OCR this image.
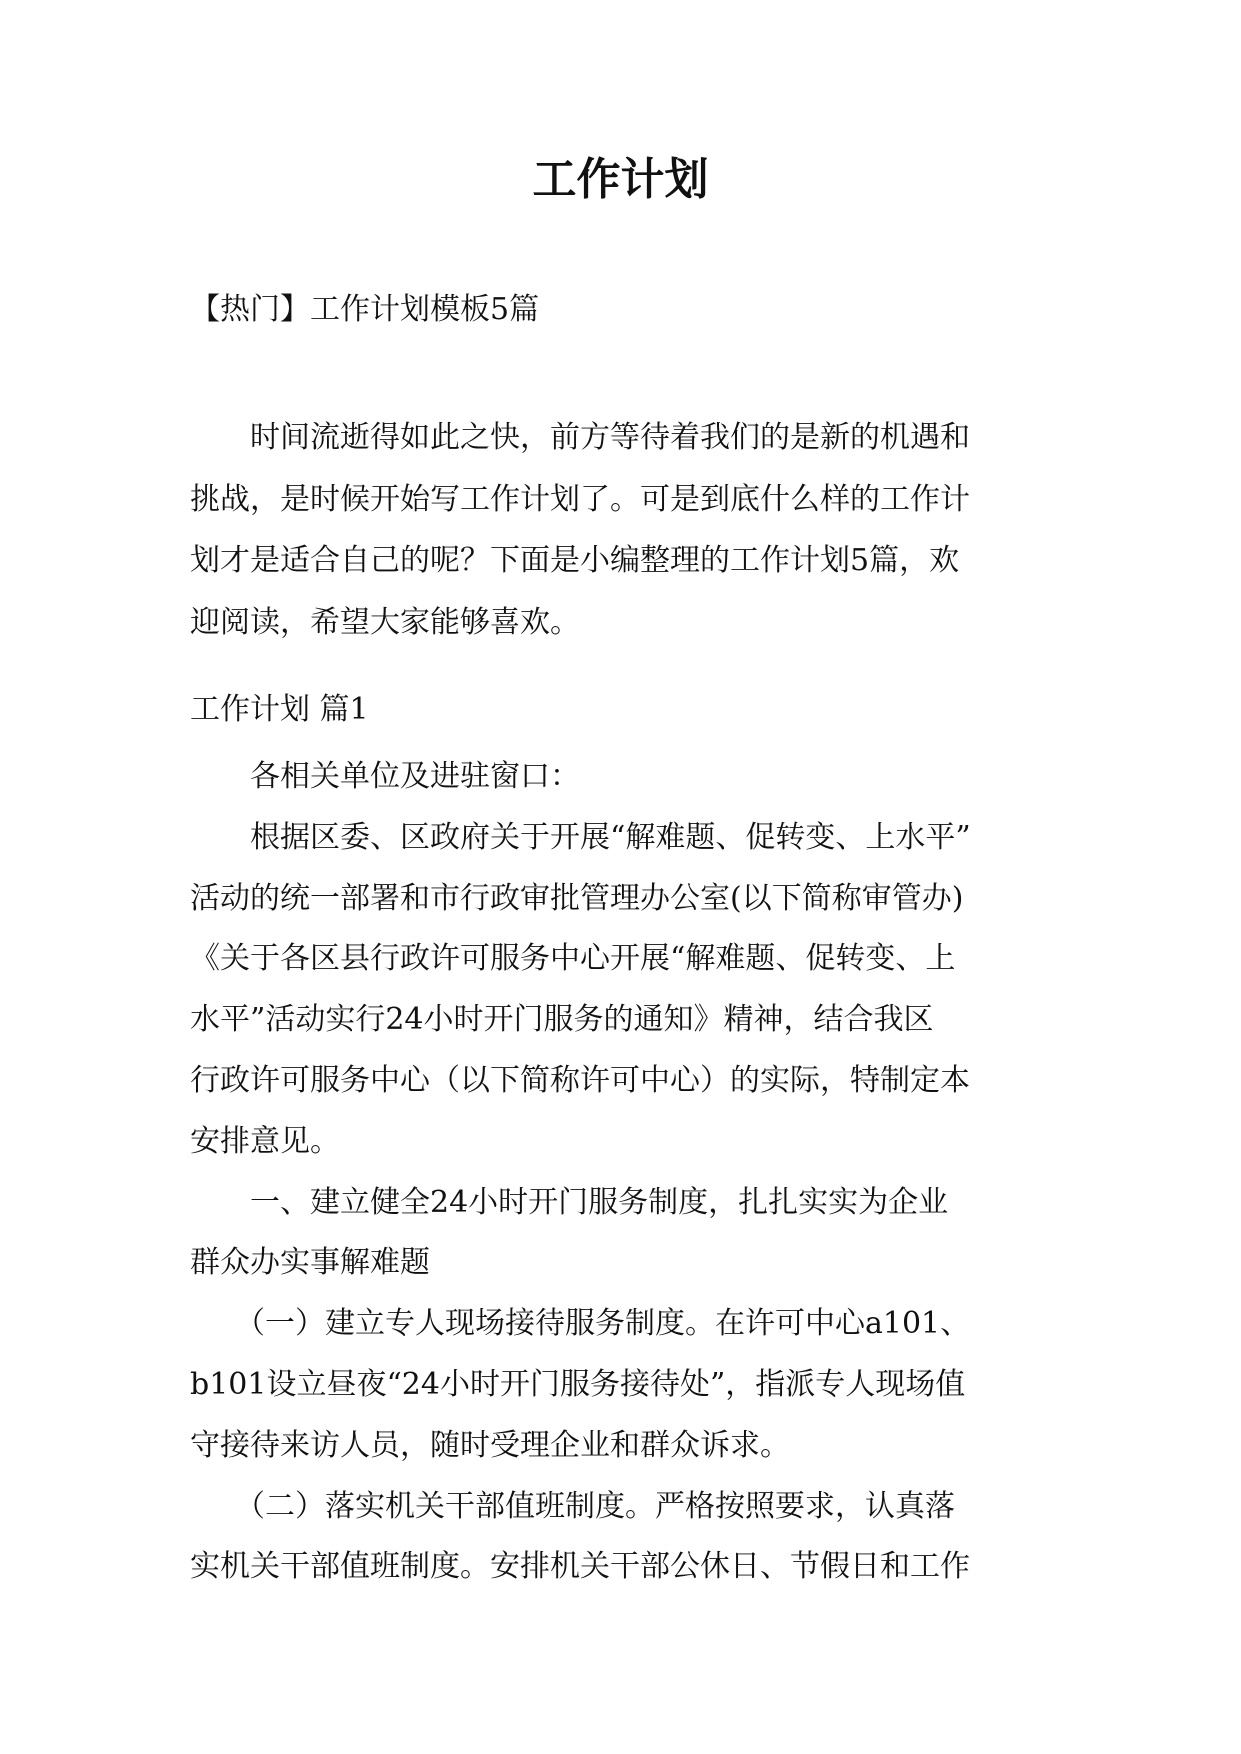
工作计划

【热门】工作计划模板5篇

　　时间流逝得如此之快，前方等待着我们的是新的机遇和
挑战，是时候开始写工作计划了。可是到底什么样的工作计
划才是适合自己的呢？下面是小编整理的工作计划5篇，欢
迎阅读，希望大家能够喜欢。

工作计划 篇1

　　各相关单位及进驻窗口：
　　根据区委、区政府关于开展“解难题、促转变、上水平”
活动的统一部署和市行政审批管理办公室(以下简称审管办)
《关于各区县行政许可服务中心开展“解难题、促转变、上
水平”活动实行24小时开门服务的通知》精神，结合我区
行政许可服务中心（以下简称许可中心）的实际，特制定本
安排意见。
　　一、建立健全24小时开门服务制度，扎扎实实为企业
群众办实事解难题
　　（一）建立专人现场接待服务制度。在许可中心a101、
b101设立昼夜“24小时开门服务接待处”，指派专人现场值
守接待来访人员，随时受理企业和群众诉求。
　　（二）落实机关干部值班制度。严格按照要求，认真落
实机关干部值班制度。安排机关干部公休日、节假日和工作
